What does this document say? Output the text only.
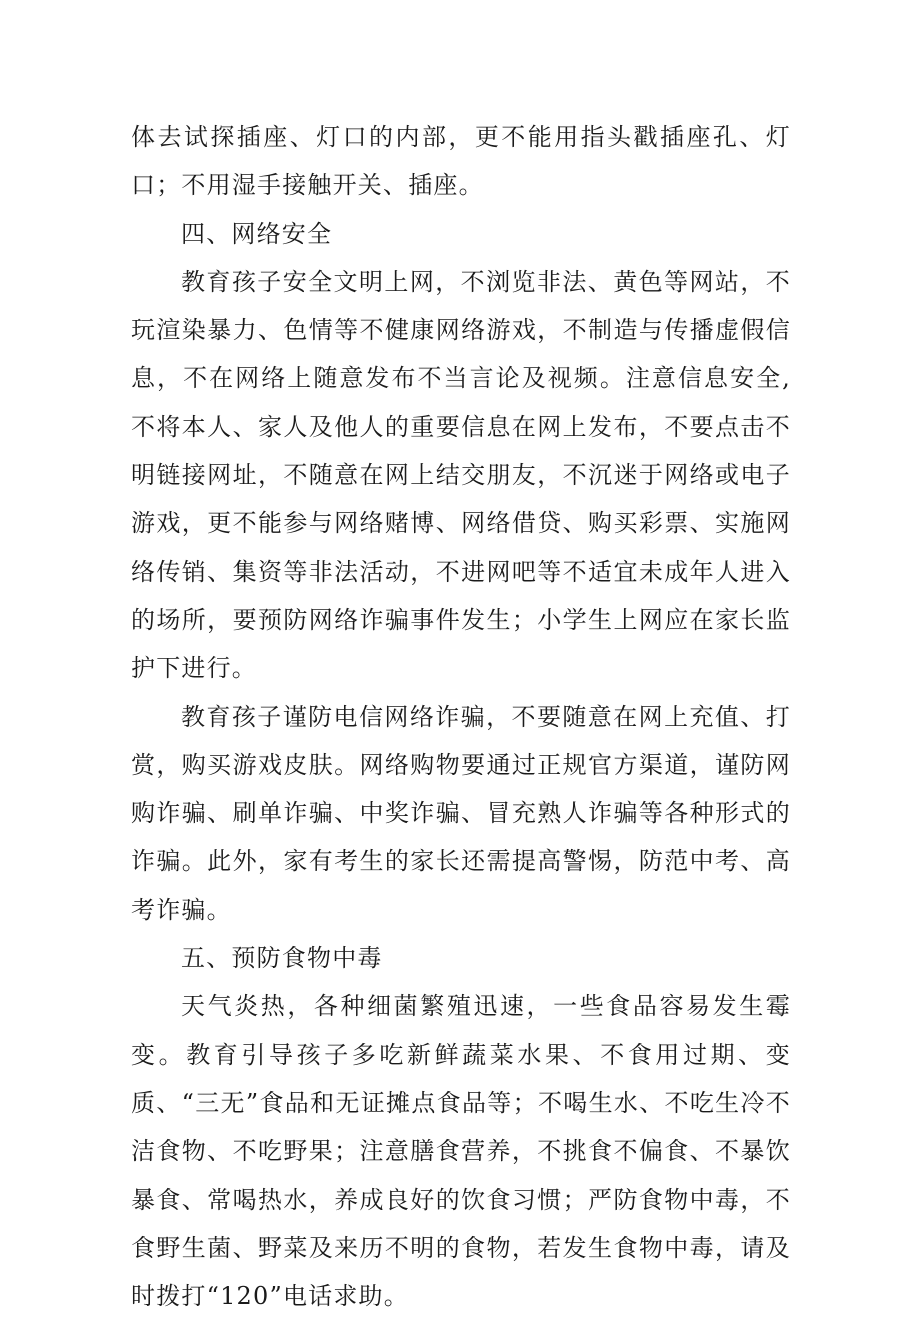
体去试探插座、灯口的内部，更不能用指头戳插座孔、灯口；不用湿手接触开关、插座。

四、网络安全

教育孩子安全文明上网，不浏览非法、黄色等网站，不玩渲染暴力、色情等不健康网络游戏，不制造与传播虚假信息，不在网络上随意发布不当言论及视频。注意信息安全,不将本人、家人及他人的重要信息在网上发布，不要点击不明链接网址，不随意在网上结交朋友，不沉迷于网络或电子游戏，更不能参与网络赌博、网络借贷、购买彩票、实施网络传销、集资等非法活动，不进网吧等不适宜未成年人进入的场所，要预防网络诈骗事件发生；小学生上网应在家长监护下进行。

教育孩子谨防电信网络诈骗，不要随意在网上充值、打赏，购买游戏皮肤。网络购物要通过正规官方渠道，谨防网购诈骗、刷单诈骗、中奖诈骗、冒充熟人诈骗等各种形式的诈骗。此外，家有考生的家长还需提高警惕，防范中考、高考诈骗。

五、预防食物中毒

天气炎热，各种细菌繁殖迅速，一些食品容易发生霉变。教育引导孩子多吃新鲜蔬菜水果、不食用过期、变质、“三无”食品和无证摊点食品等；不喝生水、不吃生冷不洁食物、不吃野果；注意膳食营养，不挑食不偏食、不暴饮暴食、常喝热水，养成良好的饮食习惯；严防食物中毒，不食野生菌、野菜及来历不明的食物，若发生食物中毒，请及时拨打“120”电话求助。
